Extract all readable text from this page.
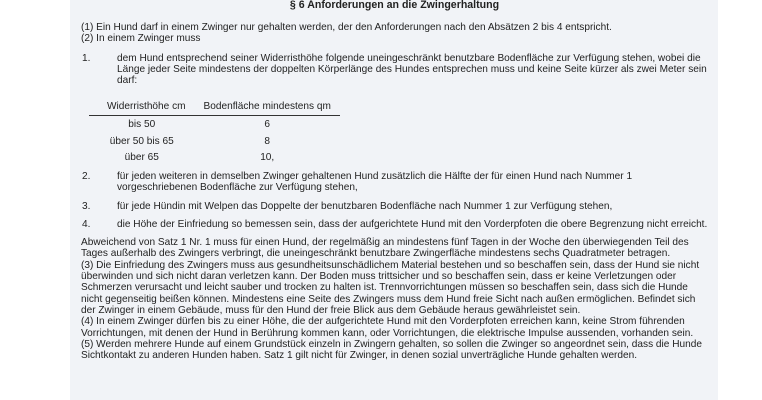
§ 6 Anforderungen an die Zwingerhaltung

(1) Ein Hund darf in einem Zwinger nur gehalten werden, der den Anforderungen nach den Absätzen 2 bis 4 entspricht.

(2) In einem Zwinger muss

1.	dem Hund entsprechend seiner Widerristhöhe folgende uneingeschränkt benutzbare Bodenfläche zur Verfügung stehen, wobei die Länge jeder Seite mindestens der doppelten Körperlänge des Hundes entsprechen muss und keine Seite kürzer als zwei Meter sein darf:
Widerristhöhe cm	Bodenfläche mindestens qm
bis 50	6
über 50 bis 65	8
über 65	10,
2.	für jeden weiteren in demselben Zwinger gehaltenen Hund zusätzlich die Hälfte der für einen Hund nach Nummer 1 vorgeschriebenen Bodenfläche zur Verfügung stehen,
3.	für jede Hündin mit Welpen das Doppelte der benutzbaren Bodenfläche nach Nummer 1 zur Verfügung stehen,
4.	die Höhe der Einfriedung so bemessen sein, dass der aufgerichtete Hund mit den Vorderpfoten die obere Begrenzung nicht erreicht.

Abweichend von Satz 1 Nr. 1 muss für einen Hund, der regelmäßig an mindestens fünf Tagen in der Woche den überwiegenden Teil des Tages außerhalb des Zwingers verbringt, die uneingeschränkt benutzbare Zwingerfläche mindestens sechs Quadratmeter betragen.

(3) Die Einfriedung des Zwingers muss aus gesundheitsunschädlichem Material bestehen und so beschaffen sein, dass der Hund sie nicht überwinden und sich nicht daran verletzen kann. Der Boden muss trittsicher und so beschaffen sein, dass er keine Verletzungen oder Schmerzen verursacht und leicht sauber und trocken zu halten ist. Trennvorrichtungen müssen so beschaffen sein, dass sich die Hunde nicht gegenseitig beißen können. Mindestens eine Seite des Zwingers muss dem Hund freie Sicht nach außen ermöglichen. Befindet sich der Zwinger in einem Gebäude, muss für den Hund der freie Blick aus dem Gebäude heraus gewährleistet sein.

(4) In einem Zwinger dürfen bis zu einer Höhe, die der aufgerichtete Hund mit den Vorderpfoten erreichen kann, keine Strom führenden Vorrichtungen, mit denen der Hund in Berührung kommen kann, oder Vorrichtungen, die elektrische Impulse aussenden, vorhanden sein.

(5) Werden mehrere Hunde auf einem Grundstück einzeln in Zwingern gehalten, so sollen die Zwinger so angeordnet sein, dass die Hunde Sichtkontakt zu anderen Hunden haben. Satz 1 gilt nicht für Zwinger, in denen sozial unverträgliche Hunde gehalten werden.
